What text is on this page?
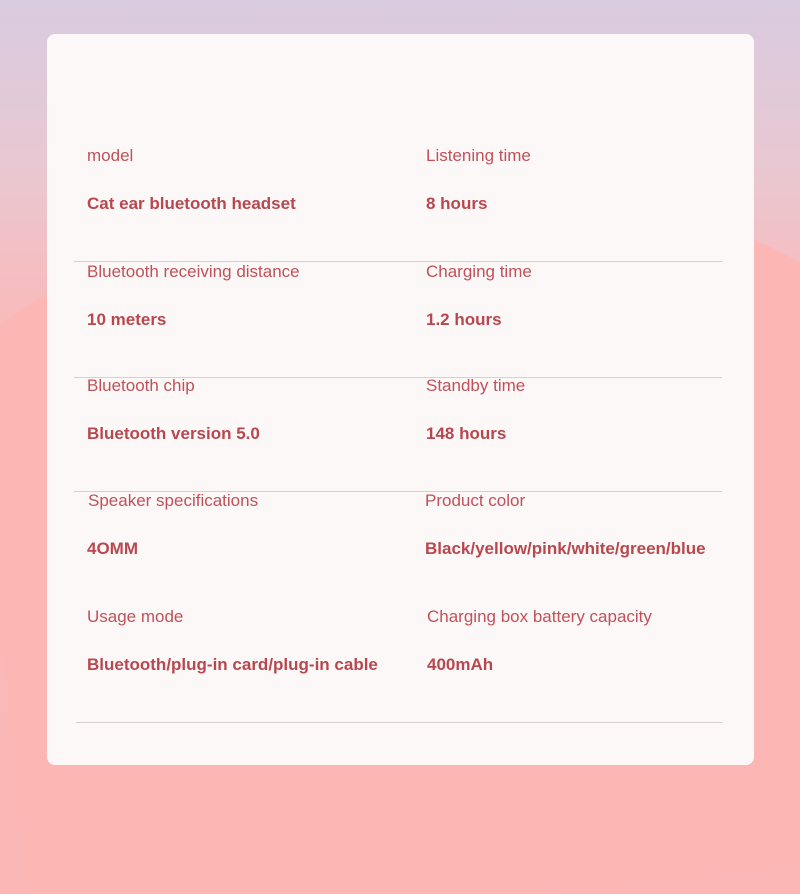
model
Cat ear bluetooth headset
Listening time
8 hours
Bluetooth receiving distance
10 meters
Charging time
1.2 hours
Bluetooth chip
Bluetooth version 5.0
Standby time
148 hours
Speaker specifications
4OMM
Product color
Black/yellow/pink/white/green/blue
Usage mode
Bluetooth/plug-in card/plug-in cable
Charging box battery capacity
400mAh
